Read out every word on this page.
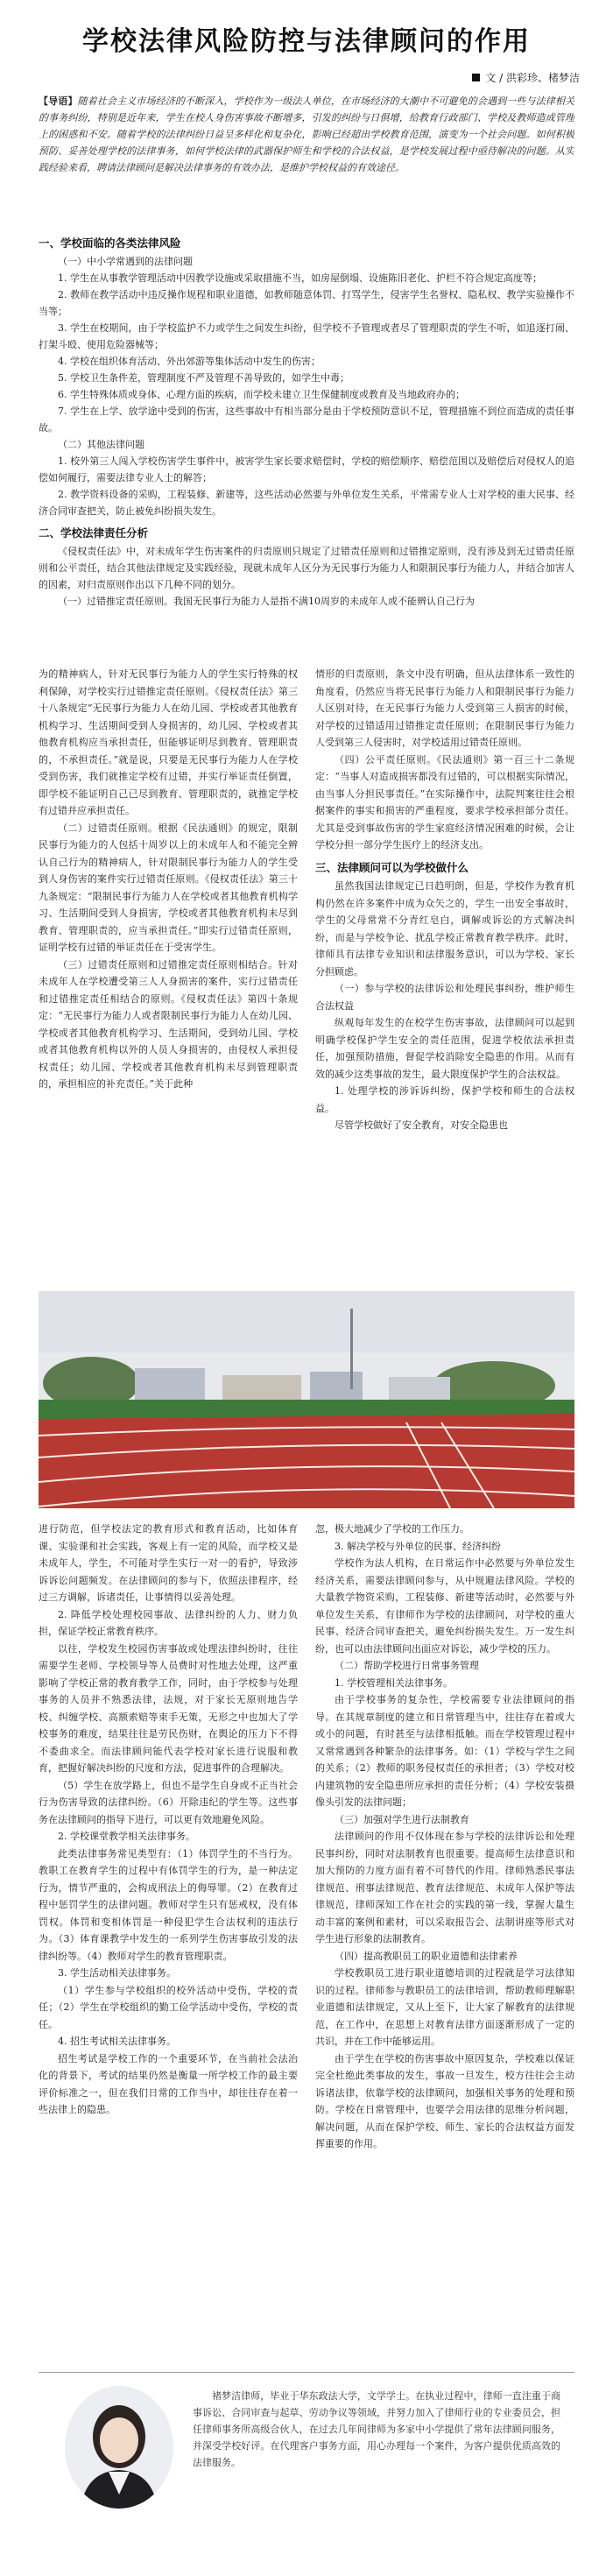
学校法律风险防控与法律顾问的作用
文 / 洪彩珍、楮梦洁
【导语】随着社会主义市场经济的不断深入，学校作为一级法人单位，在市场经济的大潮中不可避免的会遇到一些与法律相关的事务纠纷，特别是近年来，学生在校人身伤害事故不断增多，引发的纠纷与日俱增，给教育行政部门、学校及教师造成管理上的困惑和不安。随着学校的法律纠纷日益呈多样化和复杂化，影响已经超出学校教育范围，演变为一个社会问题。如何积极预防、妥善处理学校的法律事务，如何学校法律的武器保护师生和学校的合法权益，是学校发展过程中亟待解决的问题。从实践经验来看，聘请法律顾问是解决法律事务的有效办法，是维护学校权益的有效途径。
一、学校面临的各类法律风险

（一）中小学常遇到的法律问题

1. 学生在从事教学管理活动中因教学设施或采取措施不当，如房屋倒塌、设施陈旧老化、护栏不符合规定高度等；

2. 教师在教学活动中违反操作规程和职业道德，如教师随意体罚、打骂学生，侵害学生名誉权、隐私权、教学实验操作不当等；

3. 学生在校期间，由于学校监护不力或学生之间发生纠纷，但学校不予管理或者尽了管理职责的学生不听，如追逐打闹、打架斗殴、使用危险器械等；

4. 学校在组织体育活动、外出郊游等集体活动中发生的伤害；

5. 学校卫生条件差，管理制度不严及管理不善导致的，如学生中毒；

6. 学生特殊体质或身体、心理方面的疾病，而学校未建立卫生保健制度或教育及当地政府办的；

7. 学生在上学、放学途中受到的伤害，这些事故中有相当部分是由于学校预防意识不足，管理措施不到位而造成的责任事故。

（二）其他法律问题

1. 校外第三人闯入学校伤害学生事件中，被害学生家长要求赔偿时，学校的赔偿顺序、赔偿范围以及赔偿后对侵权人的追偿如何履行，需要法律专业人士的解答；

2. 教学资料设备的采购，工程装修、新建等，这些活动必然要与外单位发生关系，平常需专业人士对学校的重大民事、经济合同审查把关，防止被免纠纷损失发生。

二、学校法律责任分析

《侵权责任法》中，对未成年学生伤害案件的归责原则只规定了过错责任原则和过错推定原则，没有涉及到无过错责任原则和公平责任，结合其他法律规定及实践经验，现就未成年人区分为无民事行为能力人和限制民事行为能力人，并结合加害人的因素，对归责原则作出以下几种不同的划分。

（一）过错推定责任原则。我国无民事行为能力人是指不满10周岁的未成年人或不能辨认自己行为

为的精神病人，针对无民事行为能力人的学生实行特殊的权利保障，对学校实行过错推定责任原则。《侵权责任法》第三十八条规定“无民事行为能力人在幼儿园、学校或者其他教育机构学习、生活期间受到人身损害的，幼儿园、学校或者其他教育机构应当承担责任，但能够证明尽到教育、管理职责的，不承担责任。”就是说，只要是无民事行为能力人在学校受到伤害，我们就推定学校有过错，并实行举证责任倒置，即学校不能证明自己已尽到教育、管理职责的，就推定学校有过错并应承担责任。

（二）过错责任原则。根据《民法通则》的规定，限制民事行为能力的人包括十周岁以上的未成年人和不能完全辨认自己行为的精神病人，针对限制民事行为能力人的学生受到人身伤害的案件实行过错责任原则。《侵权责任法》第三十九条规定：“限制民事行为能力人在学校或者其他教育机构学习、生活期间受到人身损害，学校或者其他教育机构未尽到教育、管理职责的，应当承担责任。”即实行过错责任原则，证明学校有过错的举证责任在于受害学生。

（三）过错责任原则和过错推定责任原则相结合。针对未成年人在学校遭受第三人人身损害的案件，实行过错责任和过错推定责任相结合的原则。《侵权责任法》第四十条规定：“无民事行为能力人或者限制民事行为能力人在幼儿园、学校或者其他教育机构学习、生活期间，受到幼儿园、学校或者其他教育机构以外的人员人身损害的，由侵权人承担侵权责任；幼儿园、学校或者其他教育机构未尽到管理职责的，承担相应的补充责任。”关于此种

情形的归责原则，条文中没有明确，但从法律体系一致性的角度看，仍然应当将无民事行为能力人和限制民事行为能力人区别对待，在无民事行为能力人受到第三人损害的时候，对学校的过错适用过错推定责任原则；在限制民事行为能力人受到第三人侵害时，对学校适用过错责任原则。

（四）公平责任原则。《民法通则》第一百三十二条规定：“当事人对造成损害都没有过错的，可以根据实际情况，由当事人分担民事责任。”在实际操作中，法院判案往往会根据案件的事实和损害的严重程度，要求学校承担部分责任。尤其是受到事故伤害的学生家庭经济情况困难的时候，会让学校分担一部分学生医疗上的经济支出。

三、法律顾问可以为学校做什么

虽然我国法律规定已日趋明朗，但是，学校作为教育机构仍然在许多案件中成为众矢之的，学生一出安全事故时，学生的父母常常不分青红皂白，调解或诉讼的方式解决纠纷，而是与学校争论、扰乱学校正常教育教学秩序。此时，律师具有法律专业知识和法律服务意识，可以为学校、家长分担顾虑。

（一）参与学校的法律诉讼和处理民事纠纷，维护师生合法权益

纵观每年发生的在校学生伤害事故，法律顾问可以起到明确学校保护学生安全的责任范围，促进学校依法承担责任，加强预防措施，督促学校消除安全隐患的作用。从而有效的减少这类事故的发生，最大限度保护学生的合法权益。

1. 处理学校的涉诉诉纠纷，保护学校和师生的合法权益。

尽管学校做好了安全教育，对安全隐患也

进行防范，但学校法定的教育形式和教育活动，比如体育课、实验课和社会实践，客观上有一定的风险，而学校又是未成年人，学生，不可能对学生实行一对一的看护，导致涉诉诉讼问题频发。在法律顾问的参与下，依照法律程序，经过三方调解，诉诸责任，让事情得以妥善处理。

2. 降低学校处理校园事故、法律纠纷的人力、财力负担，保证学校正常教育秩序。

以往，学校发生校园伤害事故或处理法律纠纷时，往往需要学生老师、学校领导等人员费时对性地去处理，这严重影响了学校正常的教育教学工作，同时，由于学校参与处理事务的人员并不熟悉法律，法规，对于家长无原则地告学校、纠缠学校、高额索赔等束手无策，无形之中也加大了学校事务的难度，结果往往是劳民伤财，在舆论的压力下不得不委曲求全。而法律顾问能代表学校对家长进行说服和教育，把握好解决纠纷的尺度和方法，促进事件的合理解决。

（5）学生在放学路上，但也不是学生自身或不正当社会行为伤害导致的法律纠纷。（6）开除违纪的学生等。这些事务在法律顾问的指导下进行，可以更有效地避免风险。

2. 学校课堂教学相关法律事务。

此类法律事务常见类型有：（1）体罚学生的不当行为。教职工在教育学生的过程中有体罚学生的行为，是一种法定行为，情节严重的，会构成刑法上的侮辱罪。（2）在教育过程中惩罚学生的法律问题。教师对学生只有惩戒权，没有体罚权。体罚和变相体罚是一种侵犯学生合法权利的违法行为。（3）体育课教学中发生的一系列学生伤害事故引发的法律纠纷等。（4）教师对学生的教育管理职责。

3. 学生活动相关法律事务。

（1）学生参与学校组织的校外活动中受伤，学校的责任；（2）学生在学校组织的勤工俭学活动中受伤，学校的责任。

4. 招生考试相关法律事务。

招生考试是学校工作的一个重要环节，在当前社会法治化的背景下，考试的结果仍然是衡量一所学校工作的最主要评价标准之一，但在我们日常的工作当中，却往往存在着一些法律上的隐患。

忽，极大地减少了学校的工作压力。

3. 解决学校与外单位的民事、经济纠纷

学校作为法人机构，在日常运作中必然要与外单位发生经济关系，需要法律顾问参与，从中规避法律风险。学校的大量教学物资采购，工程装修、新建等活动时，必然要与外单位发生关系，有律师作为学校的法律顾问，对学校的重大民事、经济合同审查把关，避免纠纷损失发生。万一发生纠纷，也可以由法律顾问出面应对诉讼，减少学校的压力。

（二）帮助学校进行日常事务管理

1. 学校管理相关法律事务。

由于学校事务的复杂性，学校需要专业法律顾问的指导。在其规章制度的建立和日常管理当中，往往存在着或大或小的问题，有时甚至与法律相抵触。而在学校管理过程中又常常遇到各种繁杂的法律事务。如：（1）学校与学生之间的关系；（2）教师的职务侵权责任的承担者；（3）学校对校内建筑物的安全隐患所应承担的责任分析；（4）学校安装摄像头引发的法律问题；

（三）加强对学生进行法制教育

法律顾问的作用不仅体现在参与学校的法律诉讼和处理民事纠纷，同时对法制教育也很重要。提高师生法律意识和加大预防的力度方面有着不可替代的作用。律师熟悉民事法律规范、刑事法律规范、教育法律规范、未成年人保护等法律规范，律师深知工作在社会的实践的第一线，掌握大量生动丰富的案例和素材，可以采取报告会、法制讲座等形式对学生进行形象的法制教育。

（四）提高教职员工的职业道德和法律素养

学校教职员工进行职业道德培训的过程就是学习法律知识的过程。律师参与教职员工的法律培训，帮助教师理解职业道德和法律规定，又从上至下，让大家了解教育的法律规范，在工作中，在思想上对教育法律方面逐渐形成了一定的共识，并在工作中能够运用。

由于学生在学校的伤害事故中原因复杂，学校难以保证完全杜绝此类事故的发生，事故一旦发生，校方往往会主动诉诸法律，依靠学校的法律顾问，加强相关事务的处理和预防。学校在日常管理中，也要学会用法律的思维分析问题，解决问题，从而在保护学校、师生、家长的合法权益方面发挥重要的作用。

褚梦洁律师，毕业于华东政法大学，文学学士。在执业过程中，律师一直注重于商事诉讼、合同审查与起草、劳动争议等领域，并努力加入了律师行业的专业委员会，担任律师事务所高级合伙人，在过去几年间律师为多家中小学提供了常年法律顾问服务，并深受学校好评。在代理客户事务方面，用心办理每一个案件，为客户提供优质高效的法律服务。
